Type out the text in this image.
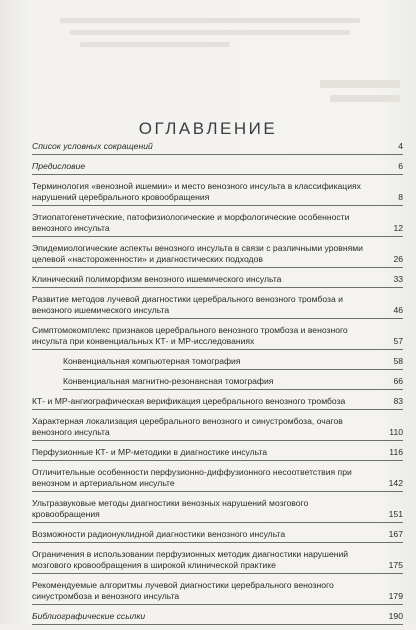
ОГЛАВЛЕНИЕ
Список условных сокращений	4
Предисловие	6
Терминология «венозной ишемии» и место венозного инсульта в классификациях нарушений церебрального кровообращения	8
Этиопатогенетические, патофизиологические и морфологические особенности венозного инсульта	12
Эпидемиологические аспекты венозного инсульта в связи с различными уровнями целевой «настороженности» и диагностических подходов	26
Клинический полиморфизм венозного ишемического инсульта	33
Развитие методов лучевой диагностики церебрального венозного тромбоза и венозного ишемического инсульта	46
Симптомокомплекс признаков церебрального венозного тромбоза и венозного инсульта при конвенциальных КТ- и МР-исследованиях	57
Конвенциальная компьютерная томография	58
Конвенциальная магнитно-резонансная томография	66
КТ- и МР-ангиографическая верификация церебрального венозного тромбоза	83
Характерная локализация церебрального венозного и синустромбоза, очагов венозного инсульта	110
Перфузионные КТ- и МР-методики в диагностике инсульта	116
Отличительные особенности перфузионно-диффузионного несоответствия при венозном и артериальном инсульте	142
Ультразвуковые методы диагностики венозных нарушений мозгового кровообращения	151
Возможности радионуклидной диагностики венозного инсульта	167
Ограничения в использовании перфузионных методик диагностики нарушений мозгового кровообращения в широкой клинической практике	175
Рекомендуемые алгоритмы лучевой диагностики церебрального венозного синустромбоза и венозного инсульта	179
Библиографические ссылки	190
